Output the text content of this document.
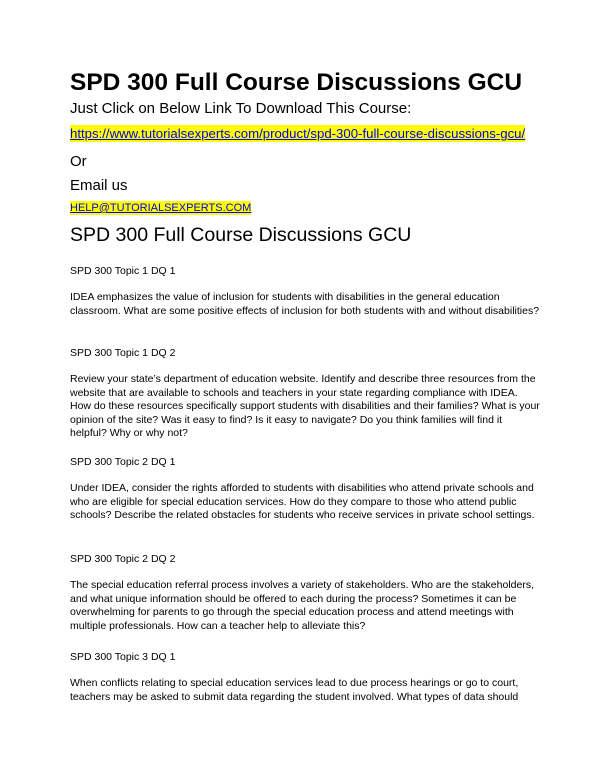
SPD 300 Full Course Discussions GCU
Just Click on Below Link To Download This Course:
https://www.tutorialsexperts.com/product/spd-300-full-course-discussions-gcu/
Or
Email us
HELP@TUTORIALSEXPERTS.COM
SPD 300 Full Course Discussions GCU
SPD 300 Topic 1 DQ 1
IDEA emphasizes the value of inclusion for students with disabilities in the general education classroom. What are some positive effects of inclusion for both students with and without disabilities?
SPD 300 Topic 1 DQ 2
Review your state’s department of education website. Identify and describe three resources from the website that are available to schools and teachers in your state regarding compliance with IDEA. How do these resources specifically support students with disabilities and their families? What is your opinion of the site? Was it easy to find? Is it easy to navigate? Do you think families will find it helpful? Why or why not?
SPD 300 Topic 2 DQ 1
Under IDEA, consider the rights afforded to students with disabilities who attend private schools and who are eligible for special education services. How do they compare to those who attend public schools? Describe the related obstacles for students who receive services in private school settings.
SPD 300 Topic 2 DQ 2
The special education referral process involves a variety of stakeholders. Who are the stakeholders, and what unique information should be offered to each during the process? Sometimes it can be overwhelming for parents to go through the special education process and attend meetings with multiple professionals. How can a teacher help to alleviate this?
SPD 300 Topic 3 DQ 1
When conflicts relating to special education services lead to due process hearings or go to court, teachers may be asked to submit data regarding the student involved. What types of data should
